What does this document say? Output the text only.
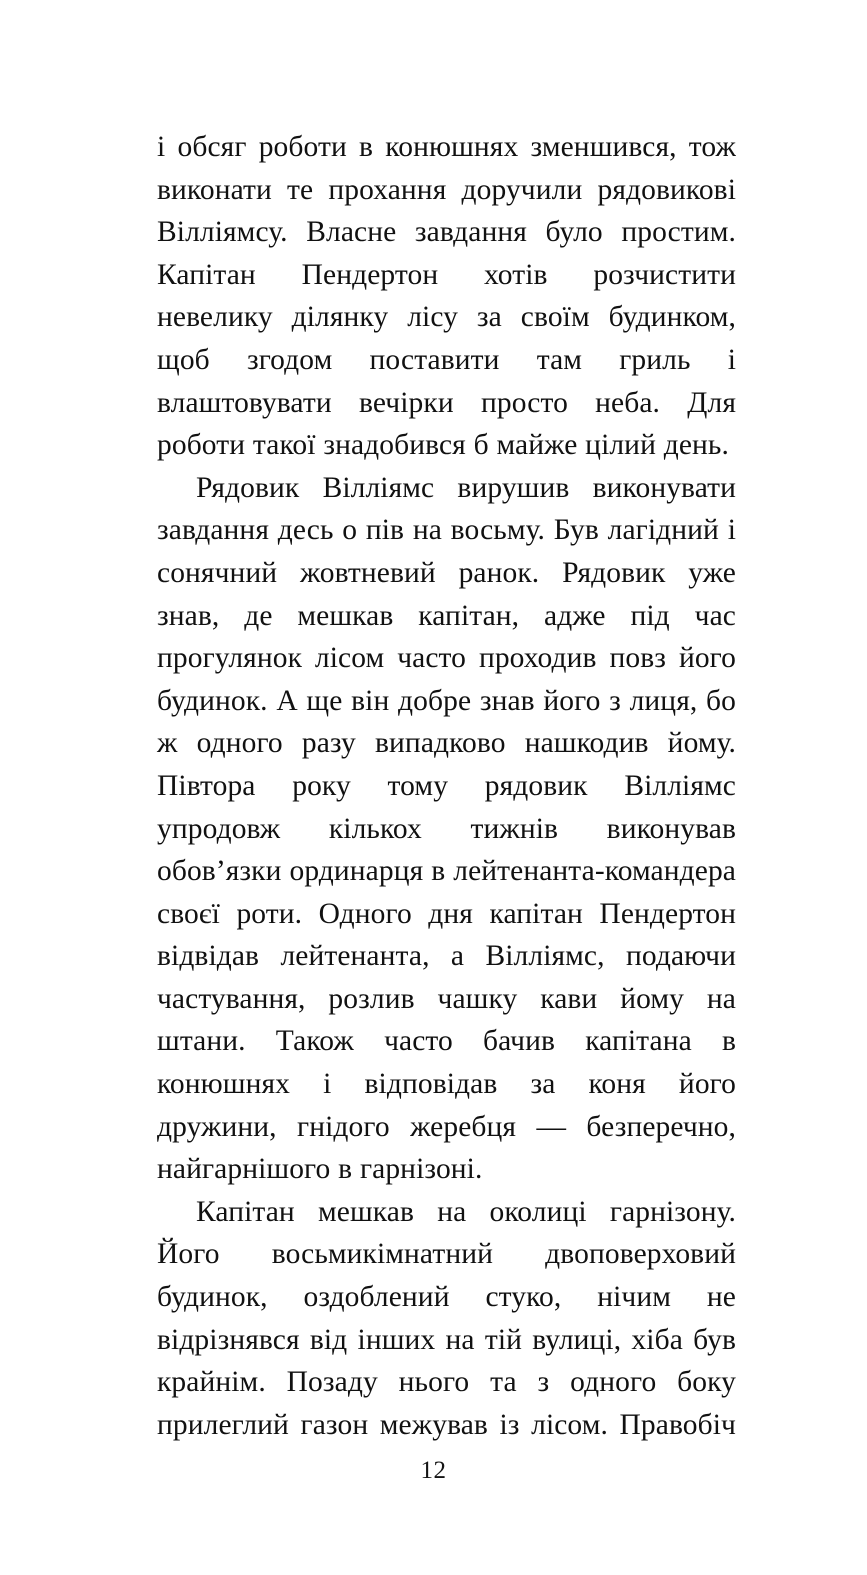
і обсяг роботи в конюшнях зменшився, тож виконати те прохання доручили рядовикові Вілліямсу. Власне завдання було простим. Капітан Пендертон хотів розчистити невелику ділянку лісу за своїм будинком, щоб згодом поставити там гриль і влаштовувати вечірки просто неба. Для роботи такої знадобився б майже цілий день.

Рядовик Вілліямс вирушив виконувати завдання десь о пів на восьму. Був лагідний і сонячний жовтневий ранок. Рядовик уже знав, де мешкав капітан, адже під час прогулянок лісом часто проходив повз його будинок. А ще він добре знав його з лиця, бо ж одного разу випадково нашкодив йому. Півтора року тому рядовик Вілліямс упродовж кількох тижнів виконував обов’язки ординарця в лейтенанта-командера своєї роти. Одного дня капітан Пендертон відвідав лейтенанта, а Вілліямс, подаючи частування, розлив чашку кави йому на штани. Також часто бачив капітана в конюшнях і відповідав за коня його дружини, гнідого жеребця — безперечно, найгарнішого в гарнізоні.

Капітан мешкав на околиці гарнізону. Його восьмикімнатний двоповерховий будинок, оздоблений стуко, нічим не відрізнявся від інших на тій вулиці, хіба був крайнім. Позаду нього та з одного боку прилеглий газон межував із лісом. Правобіч

12
